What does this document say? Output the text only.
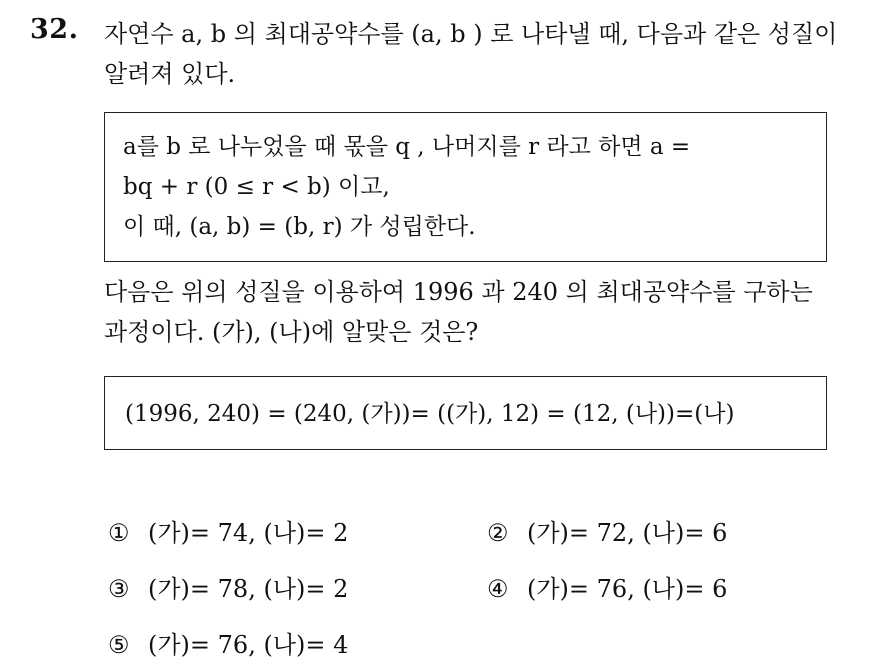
32. 자연수 a, b 의 최대공약수를 (a, b ) 로 나타낼 때, 다음과 같은 성질이
알려져 있다.
a를 b 로 나누었을 때 몫을 q , 나머지를 r 라고 하면 a =
bq + r (0 ≤ r < b) 이고,
이 때, (a, b) = (b, r) 가 성립한다.
다음은 위의 성질을 이용하여 1996 과 240 의 최대공약수를 구하는
과정이다. (가), (나)에 알맞은 것은?
(1996, 240) = (240, (가))= ((가), 12) = (12, (나))=(나)
① (가)= 74, (나)= 2	② (가)= 72, (나)= 6
③ (가)= 78, (나)= 2	④ (가)= 76, (나)= 6
⑤ (가)= 76, (나)= 4
